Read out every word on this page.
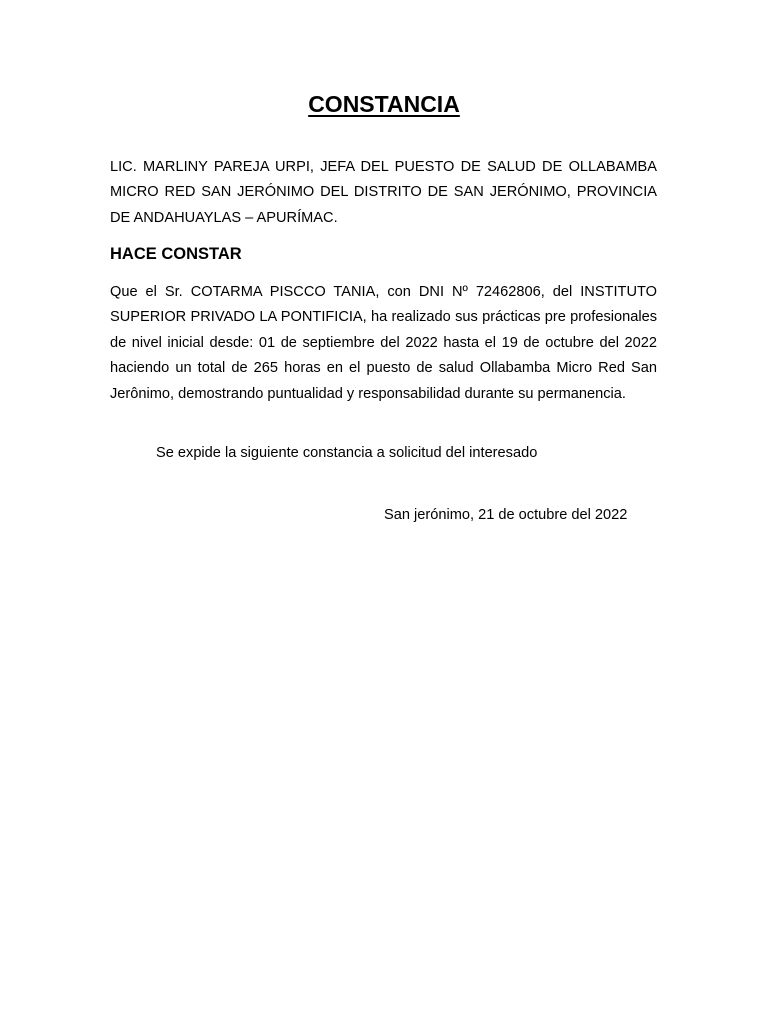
CONSTANCIA

LIC. MARLINY PAREJA URPI, JEFA DEL PUESTO DE SALUD DE OLLABAMBA MICRO RED SAN JERÓNIMO DEL DISTRITO DE SAN JERÓNIMO, PROVINCIA DE ANDAHUAYLAS – APURÍMAC.

HACE CONSTAR

Que el Sr. COTARMA PISCCO TANIA, con DNI Nº 72462806, del INSTITUTO SUPERIOR PRIVADO LA PONTIFICIA, ha realizado sus prácticas pre profesionales de nivel inicial desde: 01 de septiembre del 2022 hasta el 19 de octubre del 2022 haciendo un total de 265 horas en el puesto de salud Ollabamba Micro Red San Jerônimo, demostrando puntualidad y responsabilidad durante su permanencia.

Se expide la siguiente constancia a solicitud del interesado

San jerónimo, 21 de octubre del 2022
